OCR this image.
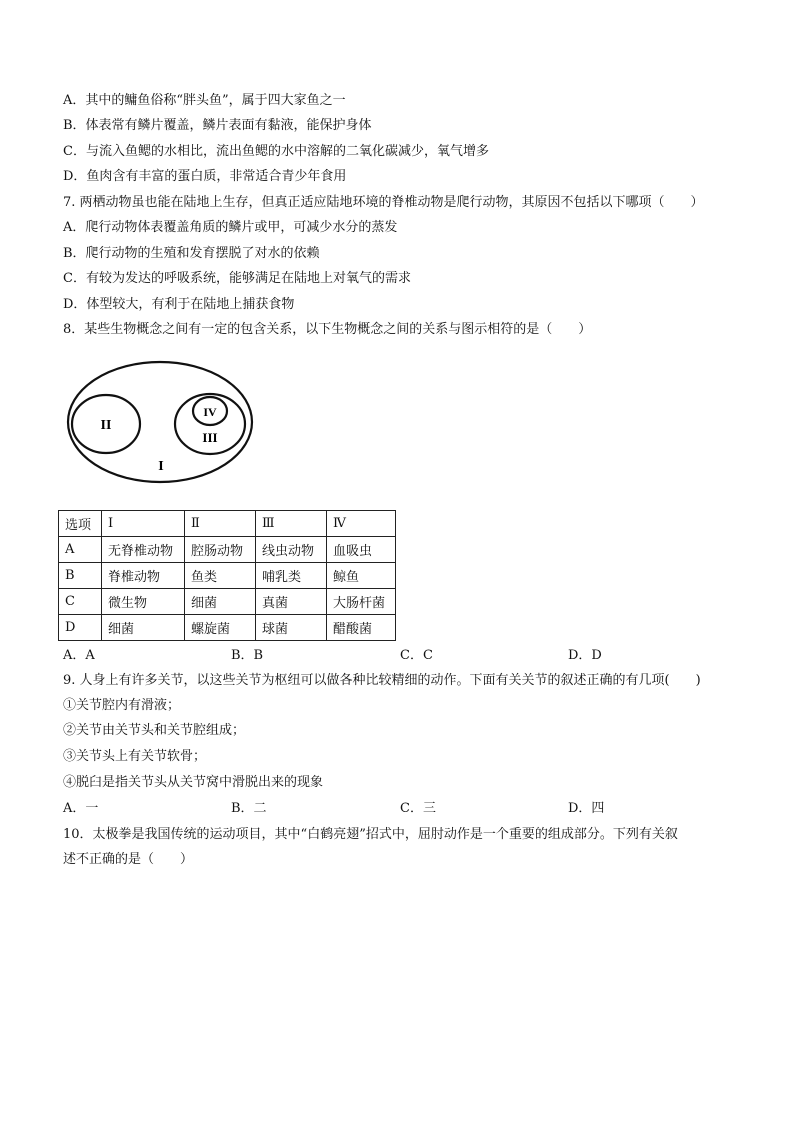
A．其中的鳙鱼俗称“胖头鱼”，属于四大家鱼之一
B．体表常有鳞片覆盖，鳞片表面有黏液，能保护身体
C．与流入鱼鳃的水相比，流出鱼鳃的水中溶解的二氧化碳减少，氧气增多
D．鱼肉含有丰富的蛋白质，非常适合青少年食用
7. 两栖动物虽也能在陆地上生存，但真正适应陆地环境的脊椎动物是爬行动物，其原因不包括以下哪项（　　）
A．爬行动物体表覆盖角质的鳞片或甲，可减少水分的蒸发
B．爬行动物的生殖和发育摆脱了对水的依赖
C．有较为发达的呼吸系统，能够满足在陆地上对氧气的需求
D．体型较大，有利于在陆地上捕获食物
8．某些生物概念之间有一定的包含关系，以下生物概念之间的关系与图示相符的是（　　）
II
IV
III
I
选项	Ⅰ	Ⅱ	Ⅲ	Ⅳ
A	无脊椎动物	腔肠动物	线虫动物	血吸虫
B	脊椎动物	鱼类	哺乳类	鲸鱼
C	微生物	细菌	真菌	大肠杆菌
D	细菌	螺旋菌	球菌	醋酸菌
A．A	B．B	C．C	D．D
9. 人身上有许多关节，以这些关节为枢纽可以做各种比较精细的动作。下面有关关节的叙述正确的有几项(　　)
①关节腔内有滑液；
②关节由关节头和关节腔组成；
③关节头上有关节软骨；
④脱臼是指关节头从关节窝中滑脱出来的现象
A．一	B．二	C．三	D．四
10．太极拳是我国传统的运动项目，其中“白鹤亮翅”招式中，屈肘动作是一个重要的组成部分。下列有关叙
述不正确的是（　　）
